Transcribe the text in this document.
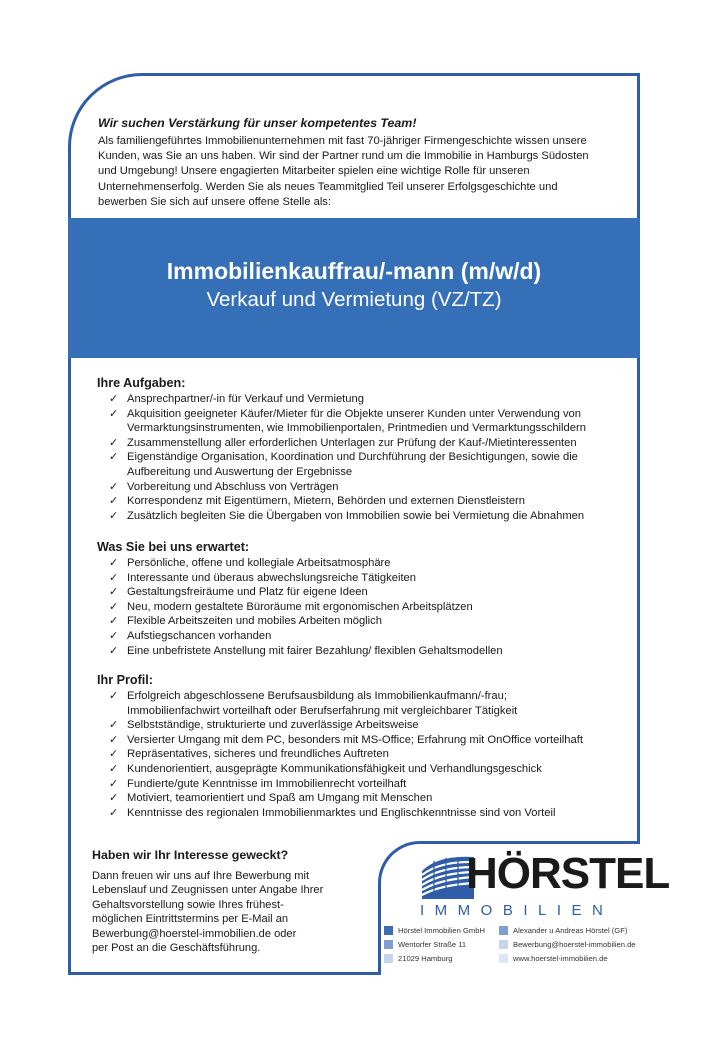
Wir suchen Verstärkung für unser kompetentes Team!

Als familiengeführtes Immobilienunternehmen mit fast 70-jähriger Firmengeschichte wissen unsere
Kunden, was Sie an uns haben. Wir sind der Partner rund um die Immobilie in Hamburgs Südosten
und Umgebung! Unsere engagierten Mitarbeiter spielen eine wichtige Rolle für unseren
Unternehmenserfolg. Werden Sie als neues Teammitglied Teil unserer Erfolgsgeschichte und
bewerben Sie sich auf unsere offene Stelle als:

Immobilienkauffrau/-mann (m/w/d)
Verkauf und Vermietung (VZ/TZ)
Ihre Aufgaben:
✓ Ansprechpartner/-in für Verkauf und Vermietung
✓ Akquisition geeigneter Käufer/Mieter für die Objekte unserer Kunden unter Verwendung von
Vermarktungsinstrumenten, wie Immobilienportalen, Printmedien und Vermarktungsschildern
✓ Zusammenstellung aller erforderlichen Unterlagen zur Prüfung der Kauf-/Mietinteressenten
✓ Eigenständige Organisation, Koordination und Durchführung der Besichtigungen, sowie die
Aufbereitung und Auswertung der Ergebnisse
✓ Vorbereitung und Abschluss von Verträgen
✓ Korrespondenz mit Eigentümern, Mietern, Behörden und externen Dienstleistern
✓ Zusätzlich begleiten Sie die Übergaben von Immobilien sowie bei Vermietung die Abnahmen
Was Sie bei uns erwartet:
✓ Persönliche, offene und kollegiale Arbeitsatmosphäre
✓ Interessante und überaus abwechslungsreiche Tätigkeiten
✓ Gestaltungsfreiräume und Platz für eigene Ideen
✓ Neu, modern gestaltete Büroräume mit ergonomischen Arbeitsplätzen
✓ Flexible Arbeitszeiten und mobiles Arbeiten möglich
✓ Aufstiegschancen vorhanden
✓ Eine unbefristete Anstellung mit fairer Bezahlung/ flexiblen Gehaltsmodellen
Ihr Profil:
✓ Erfolgreich abgeschlossene Berufsausbildung als Immobilienkaufmann/-frau;
Immobilienfachwirt vorteilhaft oder Berufserfahrung mit vergleichbarer Tätigkeit
✓ Selbstständige, strukturierte und zuverlässige Arbeitsweise
✓ Versierter Umgang mit dem PC, besonders mit MS-Office; Erfahrung mit OnOffice vorteilhaft
✓ Repräsentatives, sicheres und freundliches Auftreten
✓ Kundenorientiert, ausgeprägte Kommunikationsfähigkeit und Verhandlungsgeschick
✓ Fundierte/gute Kenntnisse im Immobilienrecht vorteilhaft
✓ Motiviert, teamorientiert und Spaß am Umgang mit Menschen
✓ Kenntnisse des regionalen Immobilienmarktes und Englischkenntnisse sind von Vorteil
Haben wir Ihr Interesse geweckt?

Dann freuen wir uns auf Ihre Bewerbung mit
Lebenslauf und Zeugnissen unter Angabe Ihrer
Gehaltsvorstellung sowie Ihres frühest-
möglichen Eintrittstermins per E-Mail an
Bewerbung@hoerstel-immobilien.de oder
per Post an die Geschäftsführung.

HÖRSTEL
IMMOBILIEN
Hörstel Immobilien GmbH
Wentorfer Straße 11
21029 Hamburg
Alexander u Andreas Hörstel (GF)
Bewerbung@hoerstel-immobilien.de
www.hoerstel-immobilien.de
